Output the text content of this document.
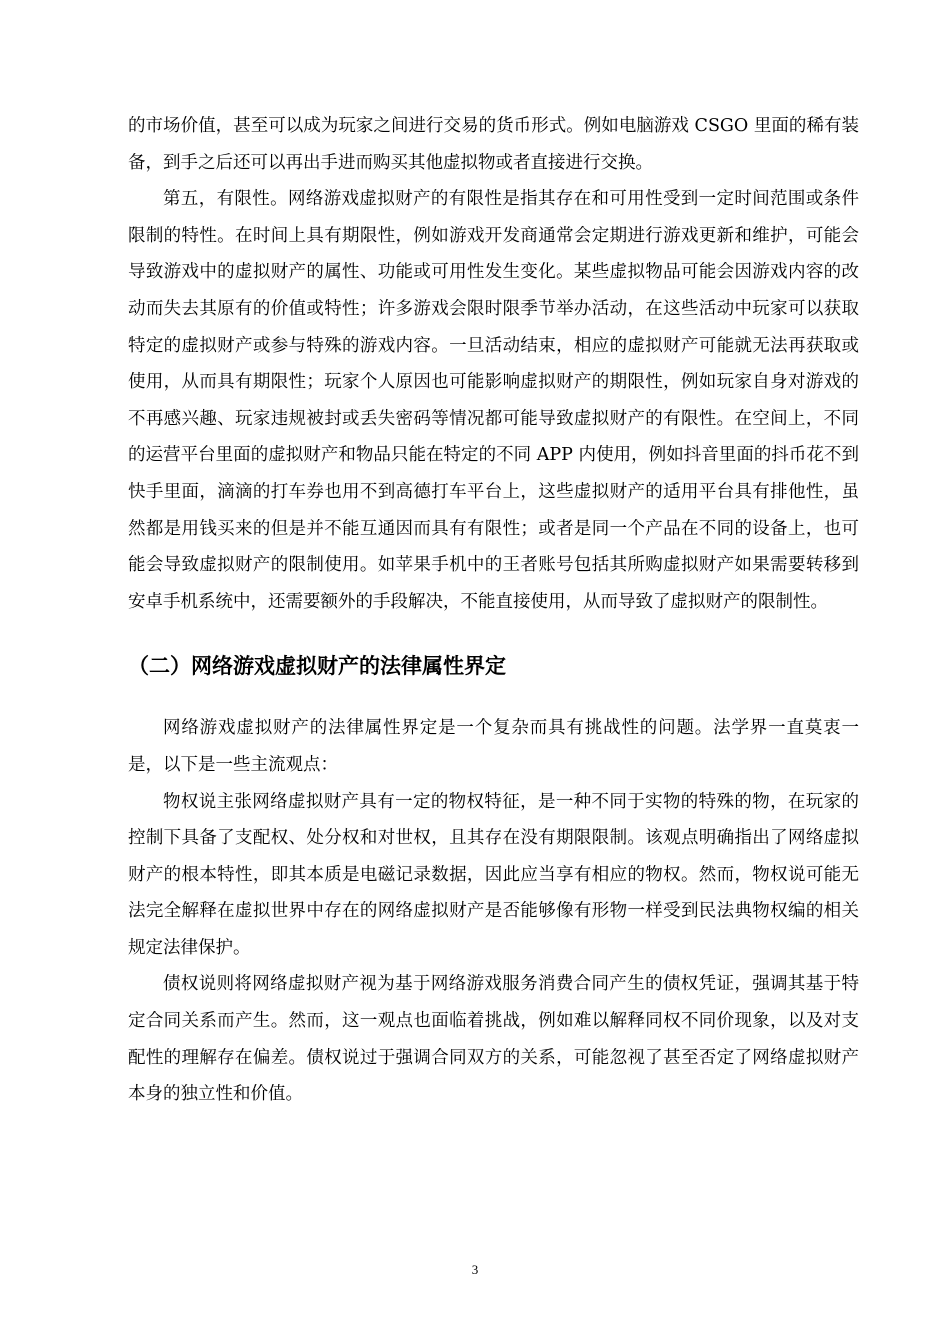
的市场价值，甚至可以成为玩家之间进行交易的货币形式。例如电脑游戏 CSGO 里面的稀有装备，到手之后还可以再出手进而购买其他虚拟物或者直接进行交换。

第五，有限性。网络游戏虚拟财产的有限性是指其存在和可用性受到一定时间范围或条件限制的特性。在时间上具有期限性，例如游戏开发商通常会定期进行游戏更新和维护，可能会导致游戏中的虚拟财产的属性、功能或可用性发生变化。某些虚拟物品可能会因游戏内容的改动而失去其原有的价值或特性；许多游戏会限时限季节举办活动，在这些活动中玩家可以获取特定的虚拟财产或参与特殊的游戏内容。一旦活动结束，相应的虚拟财产可能就无法再获取或使用，从而具有期限性；玩家个人原因也可能影响虚拟财产的期限性，例如玩家自身对游戏的不再感兴趣、玩家违规被封或丢失密码等情况都可能导致虚拟财产的有限性。在空间上，不同的运营平台里面的虚拟财产和物品只能在特定的不同 APP 内使用，例如抖音里面的抖币花不到快手里面，滴滴的打车券也用不到高德打车平台上，这些虚拟财产的适用平台具有排他性，虽然都是用钱买来的但是并不能互通因而具有有限性；或者是同一个产品在不同的设备上，也可能会导致虚拟财产的限制使用。如苹果手机中的王者账号包括其所购虚拟财产如果需要转移到安卓手机系统中，还需要额外的手段解决，不能直接使用，从而导致了虚拟财产的限制性。

（二）网络游戏虚拟财产的法律属性界定

网络游戏虚拟财产的法律属性界定是一个复杂而具有挑战性的问题。法学界一直莫衷一是，以下是一些主流观点：

物权说主张网络虚拟财产具有一定的物权特征，是一种不同于实物的特殊的物，在玩家的控制下具备了支配权、处分权和对世权，且其存在没有期限限制。该观点明确指出了网络虚拟财产的根本特性，即其本质是电磁记录数据，因此应当享有相应的物权。然而，物权说可能无法完全解释在虚拟世界中存在的网络虚拟财产是否能够像有形物一样受到民法典物权编的相关规定法律保护。

债权说则将网络虚拟财产视为基于网络游戏服务消费合同产生的债权凭证，强调其基于特定合同关系而产生。然而，这一观点也面临着挑战，例如难以解释同权不同价现象，以及对支配性的理解存在偏差。债权说过于强调合同双方的关系，可能忽视了甚至否定了网络虚拟财产本身的独立性和价值。

3
